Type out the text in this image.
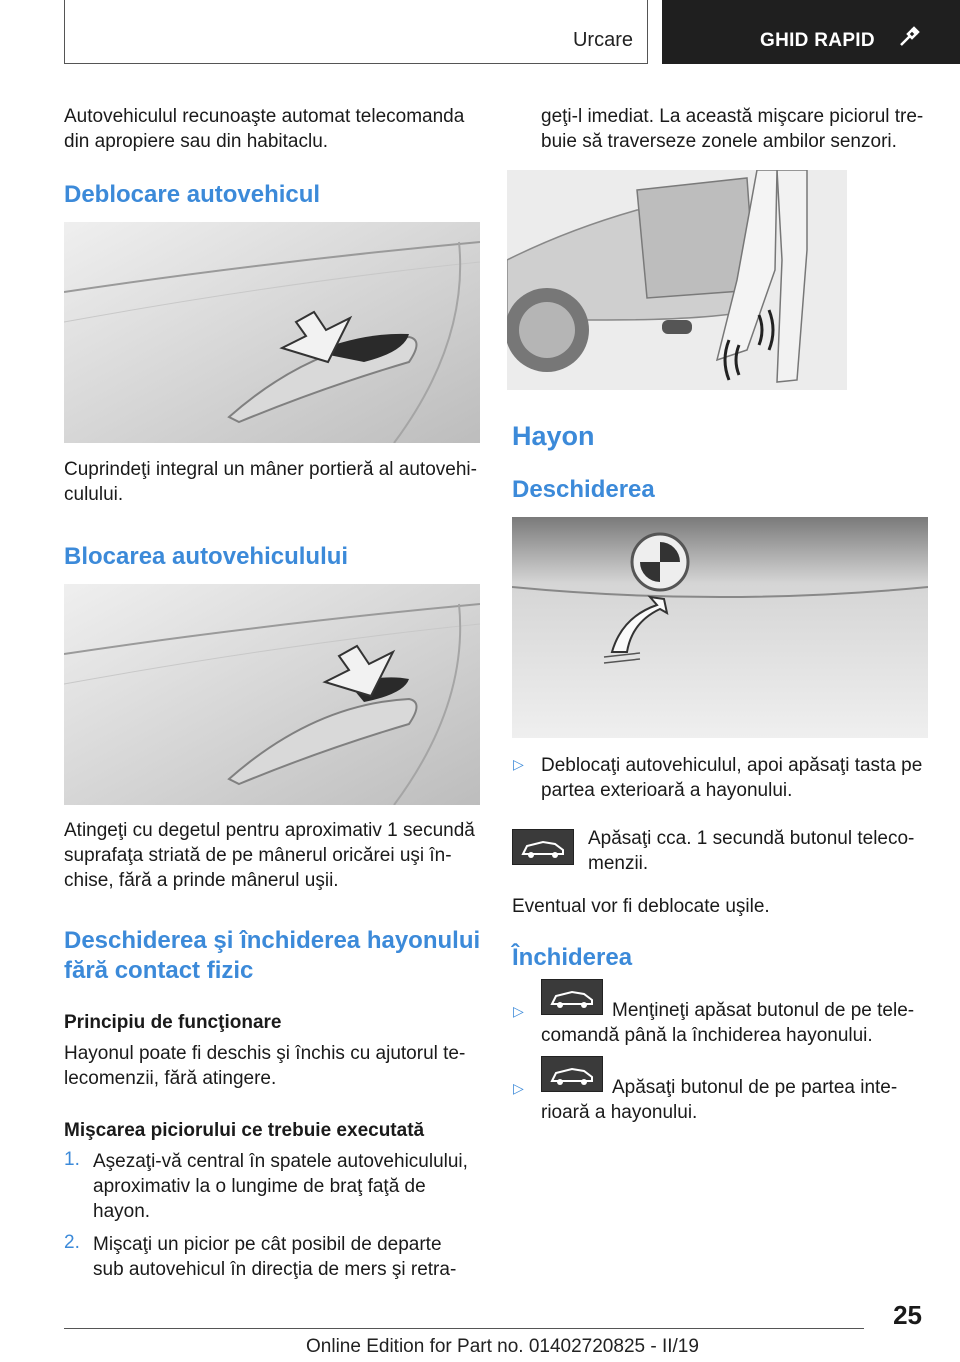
Urcare	GHID RAPID
Autovehiculul recunoaşte automat telecomanda
din apropiere sau din habitaclu.
Deblocare autovehicul
Cuprindeţi integral un mâner portieră al autovehi-
culului.
Blocarea autovehiculului
Atingeţi cu degetul pentru aproximativ 1 secundă
suprafaţa striată de pe mânerul oricărei uşi în-
chise, fără a prinde mânerul uşii.
Deschiderea şi închiderea hayonului
fără contact fizic
Principiu de funcţionare
Hayonul poate fi deschis şi închis cu ajutorul te-
lecomenzii, fără atingere.
Mişcarea piciorului ce trebuie executată
1. Aşezaţi-vă central în spatele autovehiculului,
aproximativ la o lungime de braţ faţă de
hayon.
2. Mişcaţi un picior pe cât posibil de departe
sub autovehicul în direcţia de mers şi retra-
geţi-l imediat. La această mişcare piciorul tre-
buie să traverseze zonele ambilor senzori.
Hayon
Deschiderea
▷ Deblocaţi autovehiculul, apoi apăsaţi tasta pe
partea exterioară a hayonului.
Apăsaţi cca. 1 secundă butonul teleco-
menzii.
Eventual vor fi deblocate uşile.
Închiderea
▷	Menţineţi apăsat butonul de pe tele-
comandă până la închiderea hayonului.
▷	Apăsaţi butonul de pe partea inte-
rioară a hayonului.
25
Online Edition for Part no. 01402720825 - II/19
